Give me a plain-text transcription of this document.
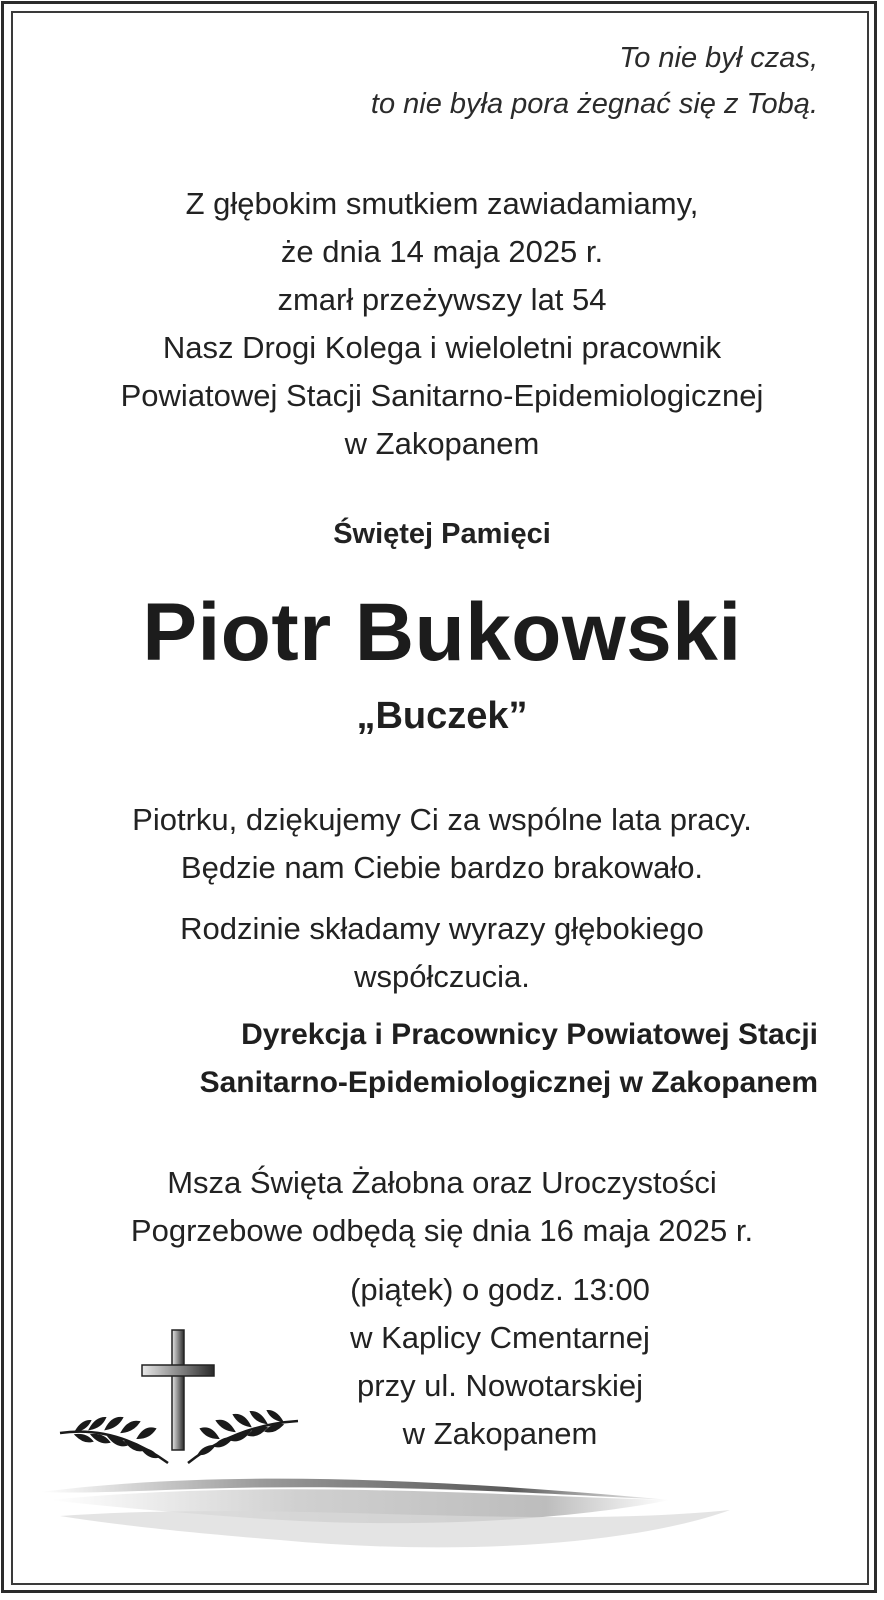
To nie był czas,
to nie była pora żegnać się z Tobą.
Z głębokim smutkiem zawiadamiamy,
że dnia 14 maja 2025 r.
zmarł przeżywszy lat 54
Nasz Drogi Kolega i wieloletni pracownik
Powiatowej Stacji Sanitarno-Epidemiologicznej
w Zakopanem
Świętej Pamięci
Piotr Bukowski
„Buczek”
Piotrku, dziękujemy Ci za wspólne lata pracy.
Będzie nam Ciebie bardzo brakowało.
Rodzinie składamy wyrazy głębokiego
współczucia.
Dyrekcja i Pracownicy Powiatowej Stacji
Sanitarno-Epidemiologicznej w Zakopanem
Msza Święta Żałobna oraz Uroczystości
Pogrzebowe odbędą się dnia 16 maja 2025 r.
(piątek) o godz. 13:00
w Kaplicy Cmentarnej
przy ul. Nowotarskiej
w Zakopanem
